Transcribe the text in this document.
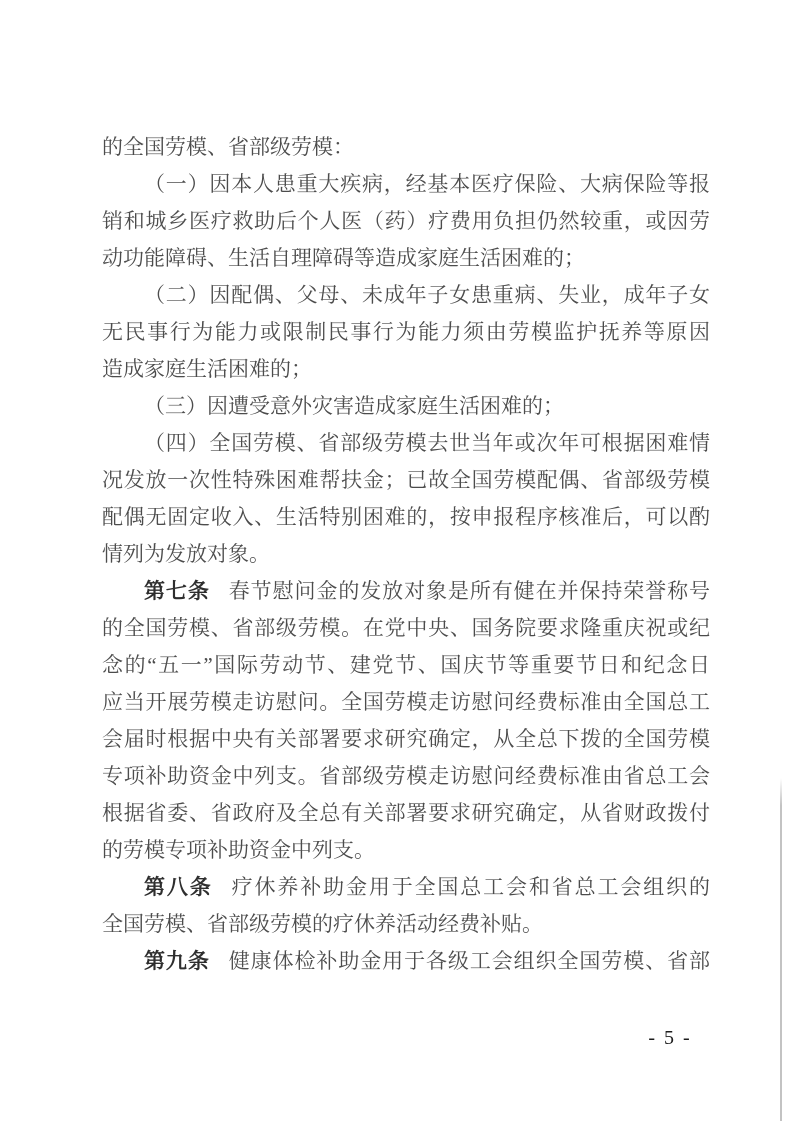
的全国劳模、省部级劳模：
（一）因本人患重大疾病，经基本医疗保险、大病保险等报
销和城乡医疗救助后个人医（药）疗费用负担仍然较重，或因劳
动功能障碍、生活自理障碍等造成家庭生活困难的；
（二）因配偶、父母、未成年子女患重病、失业，成年子女
无民事行为能力或限制民事行为能力须由劳模监护抚养等原因
造成家庭生活困难的；
（三）因遭受意外灾害造成家庭生活困难的；
（四）全国劳模、省部级劳模去世当年或次年可根据困难情
况发放一次性特殊困难帮扶金；已故全国劳模配偶、省部级劳模
配偶无固定收入、生活特别困难的，按申报程序核准后，可以酌
情列为发放对象。
第七条 春节慰问金的发放对象是所有健在并保持荣誉称号
的全国劳模、省部级劳模。在党中央、国务院要求隆重庆祝或纪
念的“五一”国际劳动节、建党节、国庆节等重要节日和纪念日
应当开展劳模走访慰问。全国劳模走访慰问经费标准由全国总工
会届时根据中央有关部署要求研究确定，从全总下拨的全国劳模
专项补助资金中列支。省部级劳模走访慰问经费标准由省总工会
根据省委、省政府及全总有关部署要求研究确定，从省财政拨付
的劳模专项补助资金中列支。
第八条 疗休养补助金用于全国总工会和省总工会组织的
全国劳模、省部级劳模的疗休养活动经费补贴。
第九条 健康体检补助金用于各级工会组织全国劳模、省部
- 5 -
